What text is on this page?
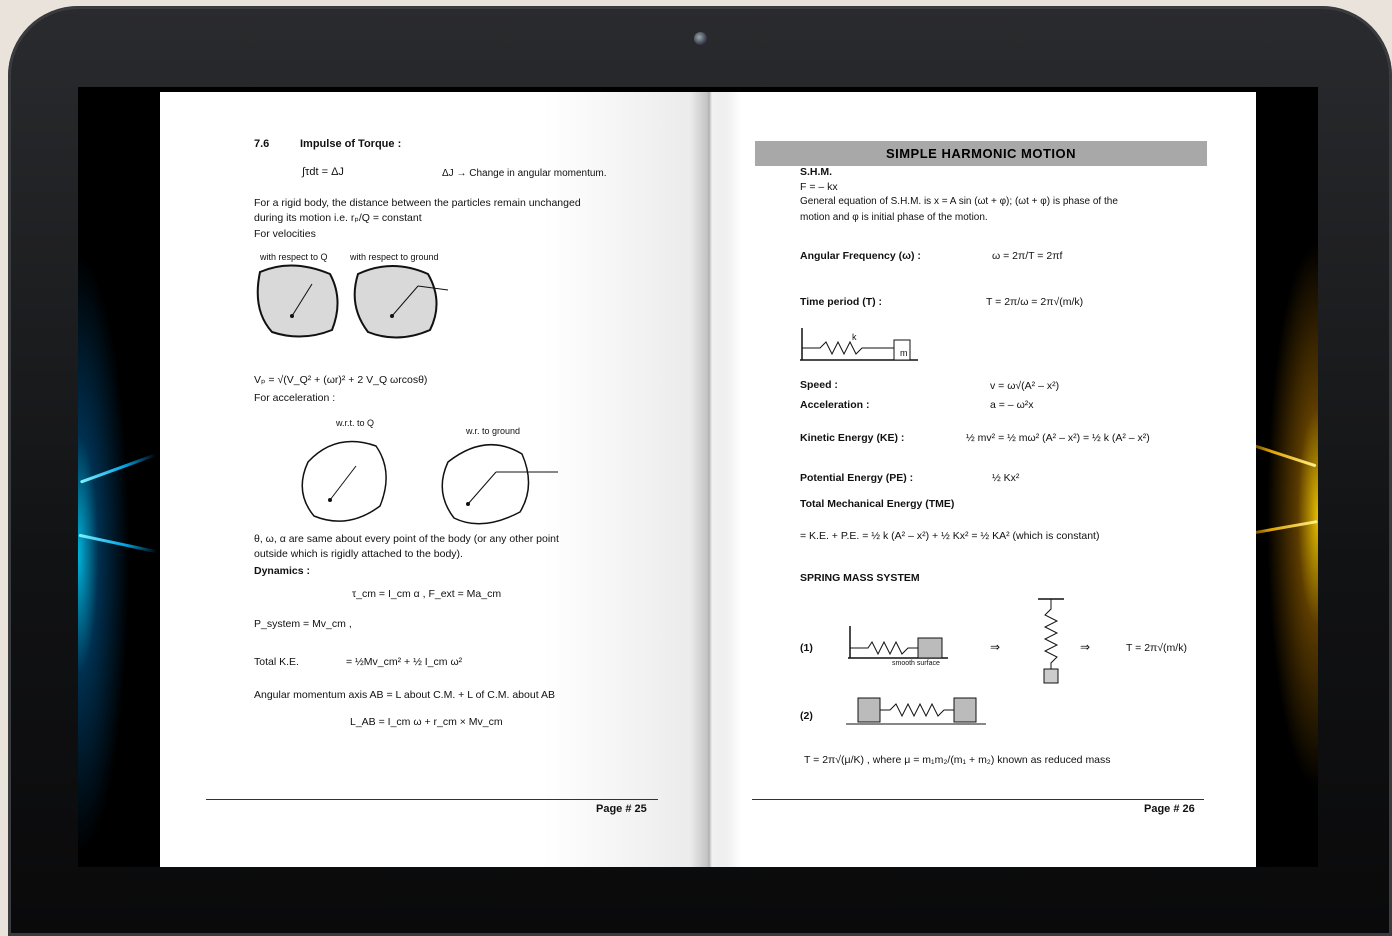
7.6	Impulse of Torque :
∫τdt = ΔJ	ΔJ → Change in angular momentum.
For a rigid body, the distance between the particles remain unchanged
during its motion i.e. rₚ/Q = constant
For velocities
with respect to Q with respect to ground
Vₚ = √(V_Q² + (ωr)² + 2 V_Q ωrcosθ)
For acceleration :
w.r.t. to Q
w.r. to ground
θ, ω, α are same about every point of the body (or any other point
outside which is rigidly attached to the body).
Dynamics :
τ_cm = I_cm α , F_ext = Ma_cm
P_system = Mv_cm ,
Total K.E.	= ½Mv_cm² + ½ I_cm ω²
Angular momentum axis AB = L about C.M. + L of C.M. about AB
L_AB = I_cm ω + r_cm × Mv_cm
Page # 25
S.H.M.
F = – kx
General equation of S.H.M. is x = A sin (ωt + φ); (ωt + φ) is phase of the
motion and φ is initial phase of the motion.
Angular Frequency (ω) :	ω = 2π/T = 2πf
Time period (T) :	T = 2π/ω = 2π√(m/k)
k
m
Speed :	v = ω√(A² – x²)
Acceleration :	a = – ω²x
Kinetic Energy (KE) :	½ mv² = ½ mω² (A² – x²) = ½ k (A² – x²)
Potential Energy (PE) :	½ Kx²
Total Mechanical Energy (TME)
= K.E. + P.E. = ½ k (A² – x²) + ½ Kx² = ½ KA² (which is constant)
SPRING MASS SYSTEM
(1)
smooth surface
⇒	⇒	T = 2π√(m/k)
(2)
T = 2π√(μ/K) , where μ = m₁m₂/(m₁ + m₂) known as reduced mass
Page # 26
SIMPLE HARMONIC MOTION
